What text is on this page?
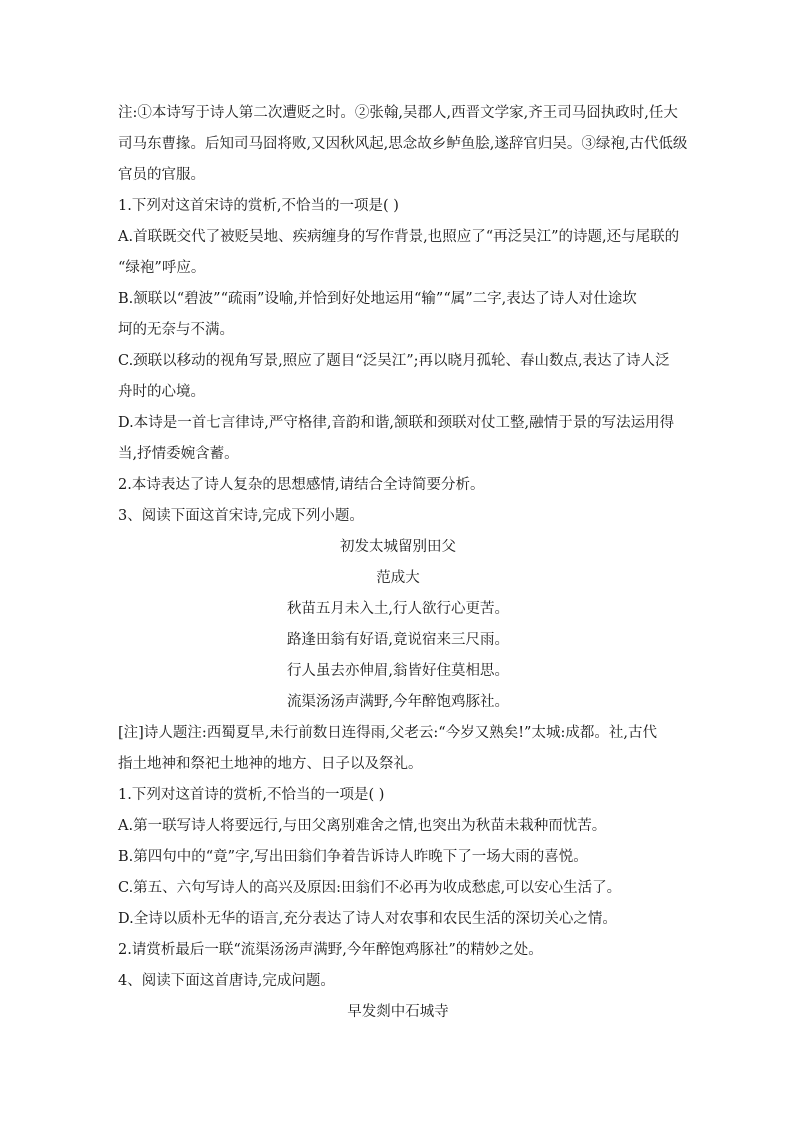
注:①本诗写于诗人第二次遭贬之时。②张翰,吴郡人,西晋文学家,齐王司马囧执政时,任大
司马东曹掾。后知司马囧将败,又因秋风起,思念故乡鲈鱼脍,遂辞官归吴。③绿袍,古代低级
官员的官服。
1.下列对这首宋诗的赏析,不恰当的一项是( )
A.首联既交代了被贬吴地、疾病缠身的写作背景,也照应了“再泛吴江”的诗题,还与尾联的
“绿袍”呼应。
B.颔联以“碧波”“疏雨”设喻,并恰到好处地运用“输”“属”二字,表达了诗人对仕途坎
坷的无奈与不满。
C.颈联以移动的视角写景,照应了题目“泛吴江”;再以晓月孤轮、春山数点,表达了诗人泛
舟时的心境。
D.本诗是一首七言律诗,严守格律,音韵和谐,颔联和颈联对仗工整,融情于景的写法运用得
当,抒情委婉含蓄。
2.本诗表达了诗人复杂的思想感情,请结合全诗简要分析。
3、阅读下面这首宋诗,完成下列小题。
初发太城留别田父
范成大
秋苗五月未入土,行人欲行心更苦。
路逢田翁有好语,竟说宿来三尺雨。
行人虽去亦伸眉,翁皆好住莫相思。
流渠汤汤声满野,今年醉饱鸡豚社。
[注]诗人题注:西蜀夏旱,未行前数日连得雨,父老云:“今岁又熟矣!”太城:成都。社,古代
指土地神和祭祀土地神的地方、日子以及祭礼。
1.下列对这首诗的赏析,不恰当的一项是( )
A.第一联写诗人将要远行,与田父离别难舍之情,也突出为秋苗未栽种而忧苦。
B.第四句中的“竟”字,写出田翁们争着告诉诗人昨晚下了一场大雨的喜悦。
C.第五、六句写诗人的高兴及原因:田翁们不必再为收成愁虑,可以安心生活了。
D.全诗以质朴无华的语言,充分表达了诗人对农事和农民生活的深切关心之情。
2.请赏析最后一联“流渠汤汤声满野,今年醉饱鸡豚社”的精妙之处。
4、阅读下面这首唐诗,完成问题。
早发剡中石城寺
